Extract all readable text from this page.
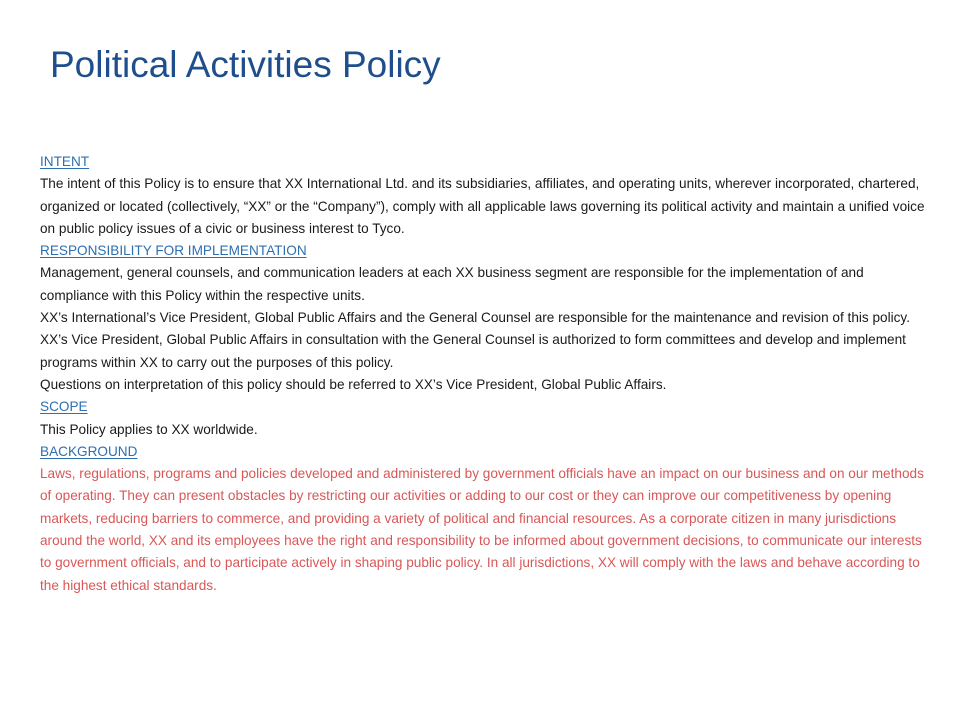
Political Activities Policy
INTENT

The intent of this Policy is to ensure that XX International Ltd. and its subsidiaries, affiliates, and operating units, wherever incorporated, chartered, organized or located (collectively, “XX” or the “Company”), comply with all applicable laws governing its political activity and maintain a unified voice on public policy issues of a civic or business interest to Tyco.

RESPONSIBILITY FOR IMPLEMENTATION

Management, general counsels, and communication leaders at each XX business segment are responsible for the implementation of and compliance with this Policy within the respective units.

XX’s International’s Vice President, Global Public Affairs and the General Counsel are responsible for the maintenance and revision of this policy.

XX’s Vice President, Global Public Affairs in consultation with the General Counsel is authorized to form committees and develop and implement programs within XX to carry out the purposes of this policy.

Questions on interpretation of this policy should be referred to XX’s Vice President, Global Public Affairs.

SCOPE

This Policy applies to XX worldwide.

BACKGROUND

Laws, regulations, programs and policies developed and administered by government officials have an impact on our business and on our methods of operating. They can present obstacles by restricting our activities or adding to our cost or they can improve our competitiveness by opening markets, reducing barriers to commerce, and providing a variety of political and financial resources. As a corporate citizen in many jurisdictions around the world, XX and its employees have the right and responsibility to be informed about government decisions, to communicate our interests to government officials, and to participate actively in shaping public policy. In all jurisdictions, XX will comply with the laws and behave according to the highest ethical standards.
